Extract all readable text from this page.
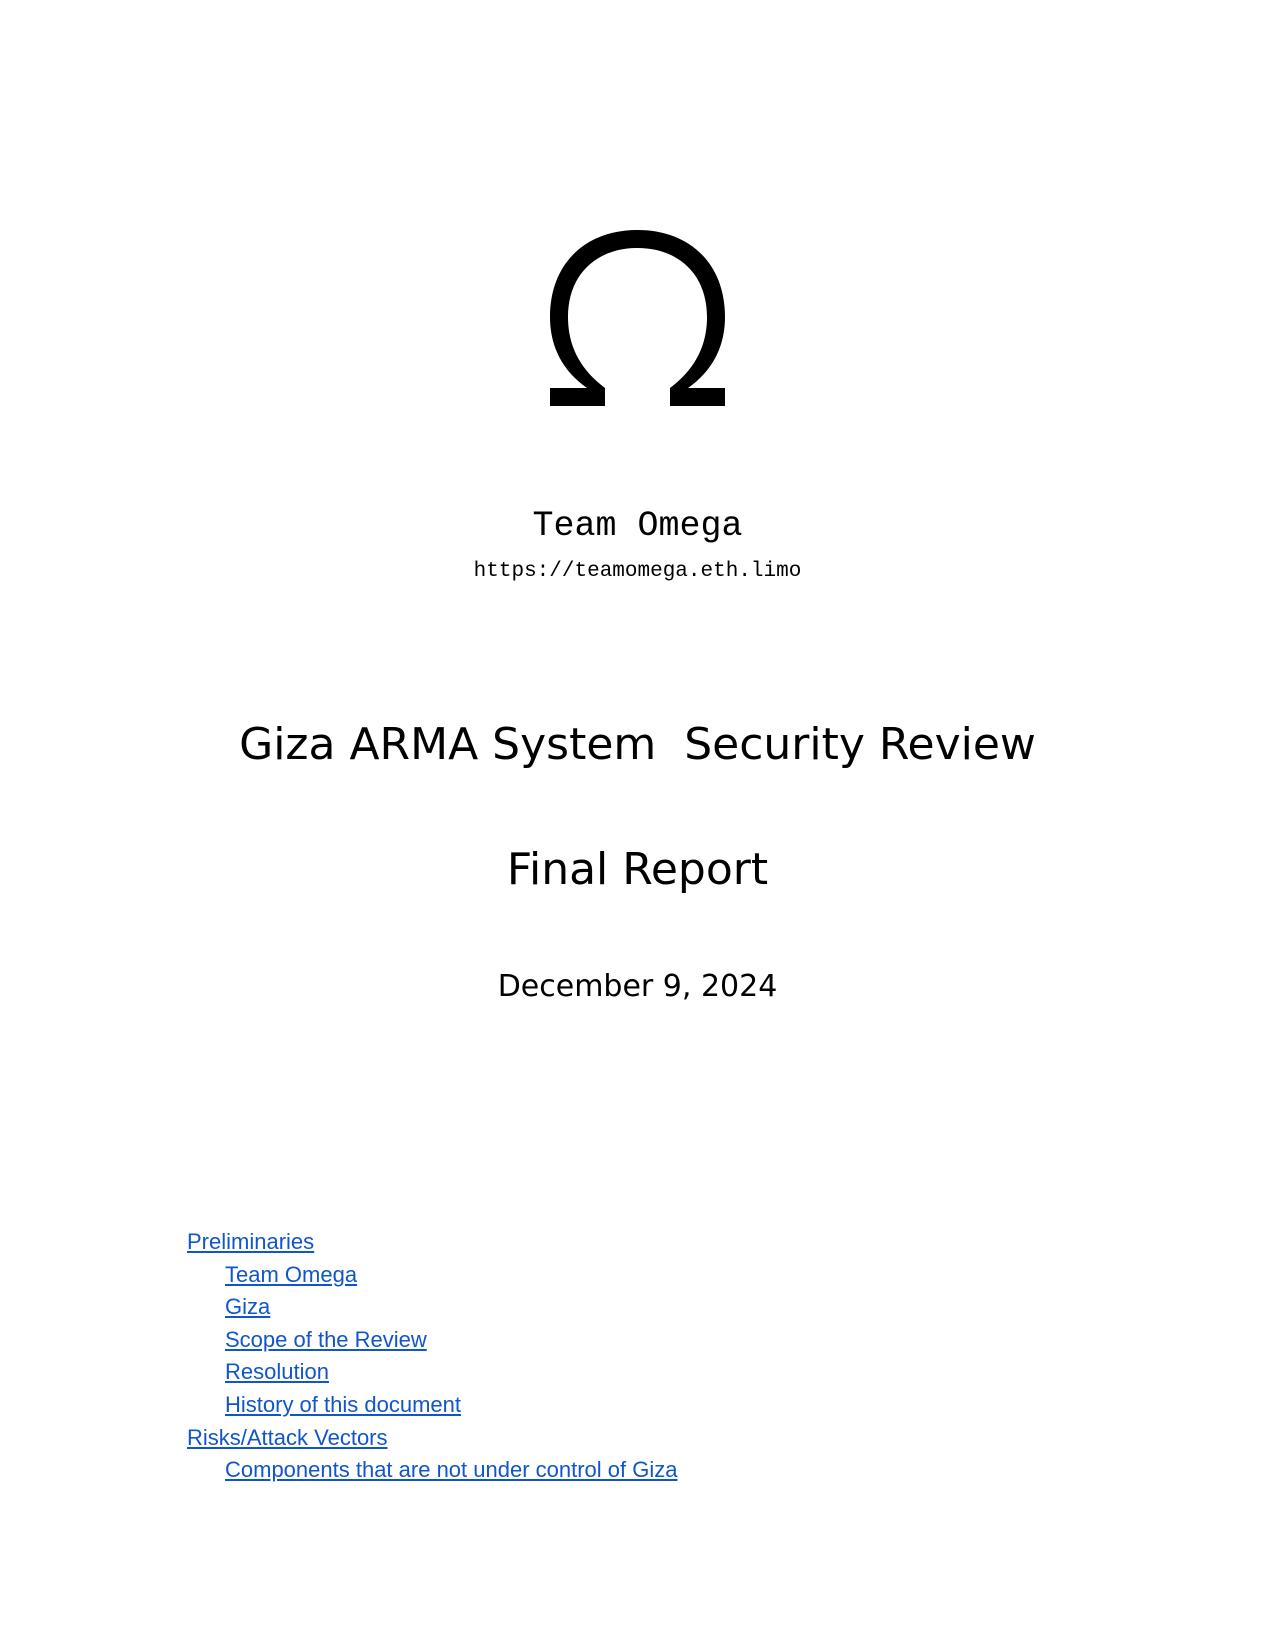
Team Omega
https://teamomega.eth.limo
Giza ARMA System  Security Review
Final Report
December 9, 2024
Preliminaries
Team Omega
Giza
Scope of the Review
Resolution
History of this document
Risks/Attack Vectors
Components that are not under control of Giza
